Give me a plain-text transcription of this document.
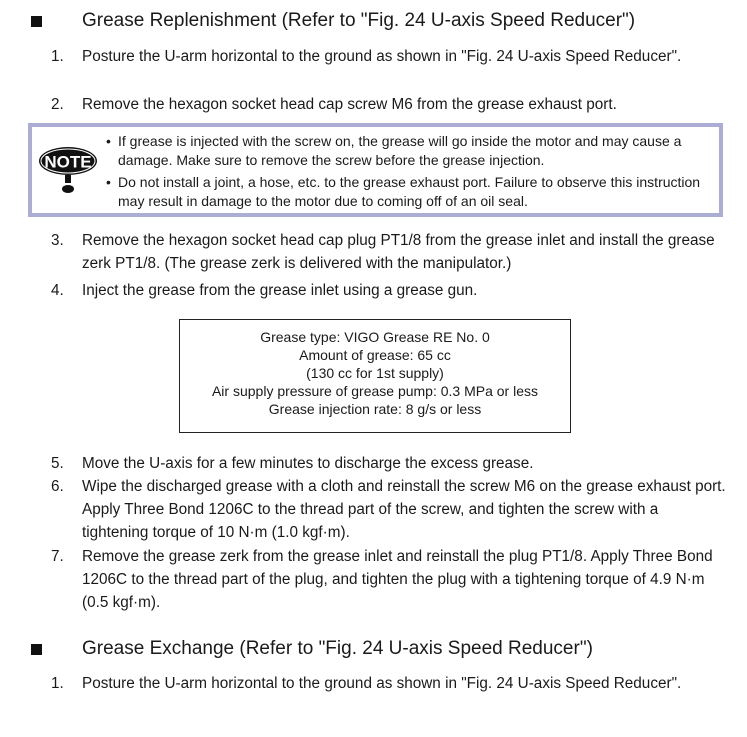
Grease Replenishment (Refer to "Fig. 24 U-axis Speed Reducer")
1. Posture the U-arm horizontal to the ground as shown in "Fig. 24 U-axis Speed Reducer".
2. Remove the hexagon socket head cap screw M6 from the grease exhaust port.
NOTE
• If grease is injected with the screw on, the grease will go inside the motor and may cause a damage. Make sure to remove the screw before the grease injection.
• Do not install a joint, a hose, etc. to the grease exhaust port. Failure to observe this instruction may result in damage to the motor due to coming off of an oil seal.
3. Remove the hexagon socket head cap plug PT1/8 from the grease inlet and install the grease zerk PT1/8. (The grease zerk is delivered with the manipulator.)
4. Inject the grease from the grease inlet using a grease gun.
Grease type: VIGO Grease RE No. 0
Amount of grease: 65 cc
(130 cc for 1st supply)
Air supply pressure of grease pump: 0.3 MPa or less
Grease injection rate: 8 g/s or less
5. Move the U-axis for a few minutes to discharge the excess grease.
6. Wipe the discharged grease with a cloth and reinstall the screw M6 on the grease exhaust port. Apply Three Bond 1206C to the thread part of the screw, and tighten the screw with a tightening torque of 10 N·m (1.0 kgf·m).
7. Remove the grease zerk from the grease inlet and reinstall the plug PT1/8. Apply Three Bond 1206C to the thread part of the plug, and tighten the plug with a tightening torque of 4.9 N·m (0.5 kgf·m).
Grease Exchange (Refer to "Fig. 24 U-axis Speed Reducer")
1. Posture the U-arm horizontal to the ground as shown in "Fig. 24 U-axis Speed Reducer".
